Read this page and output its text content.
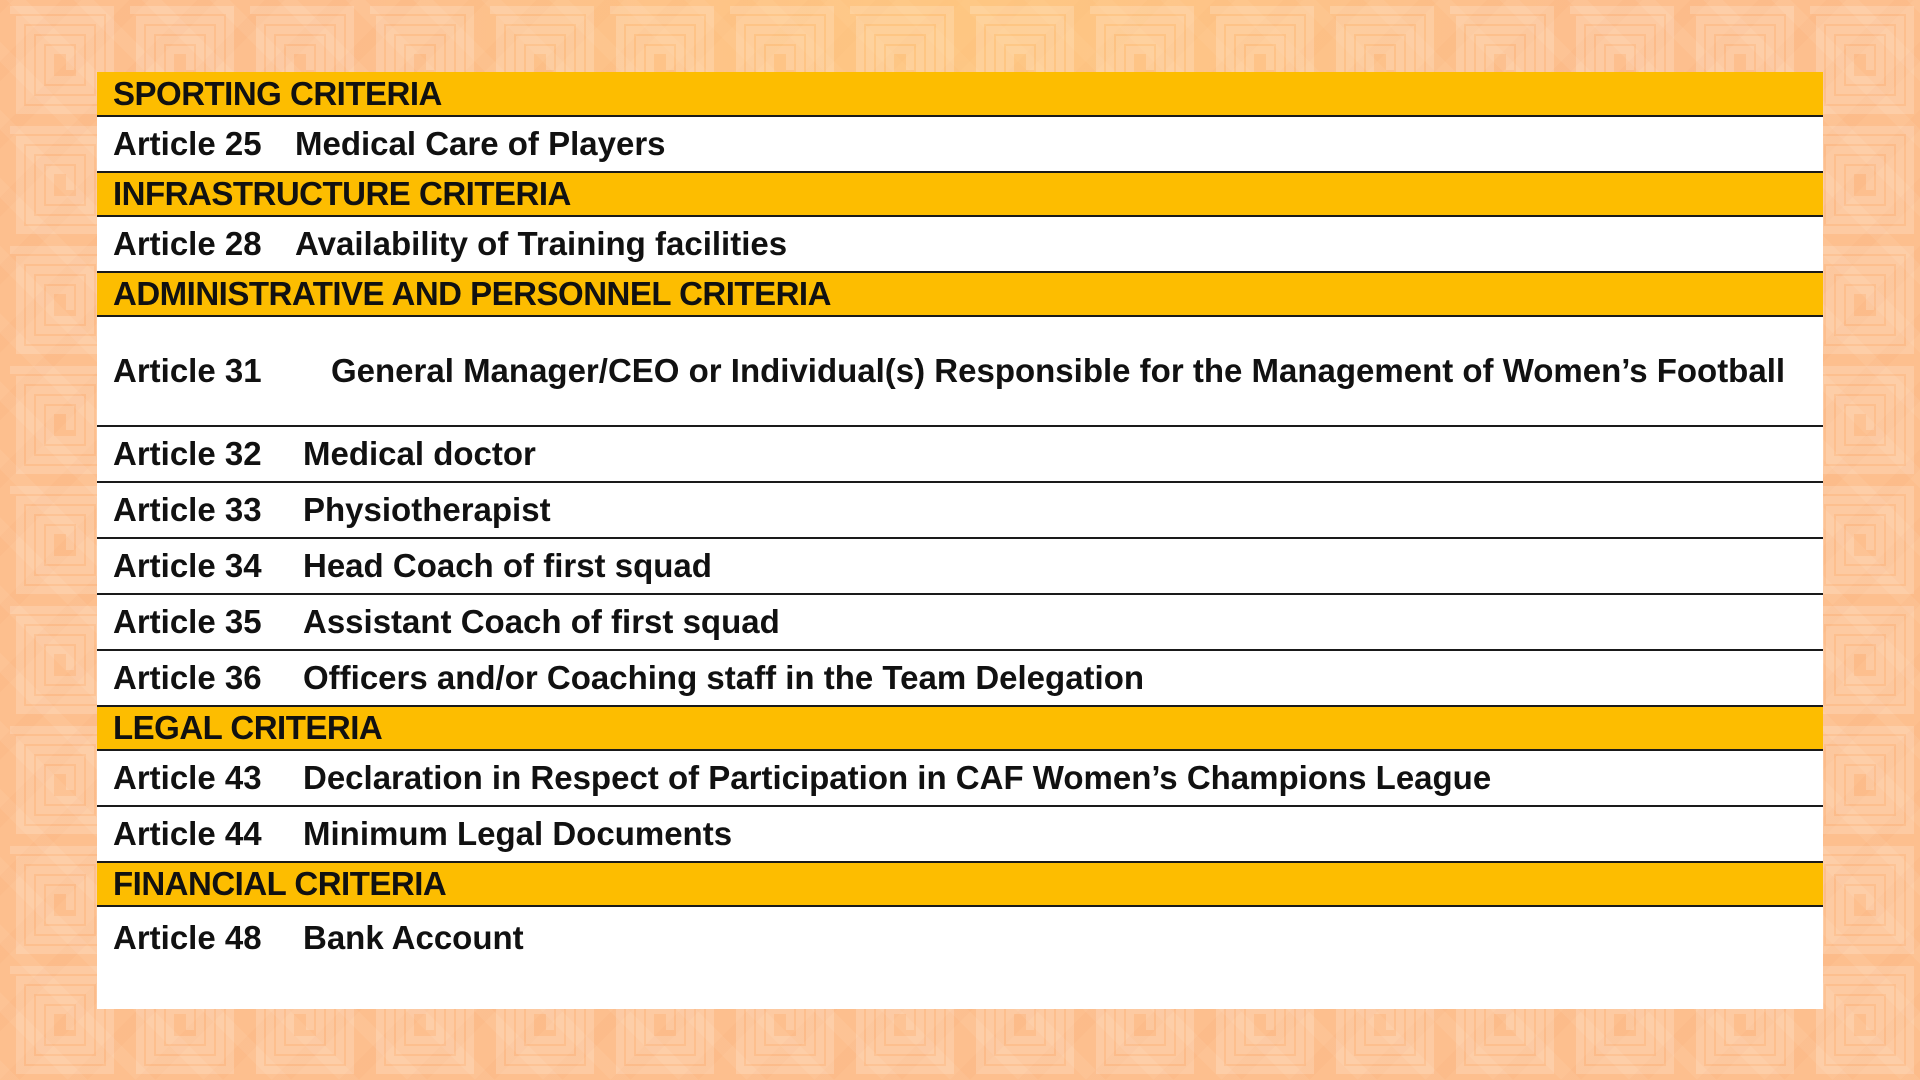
SPORTING CRITERIA
Article 25 Medical Care of Players
INFRASTRUCTURE CRITERIA
Article 28 Availability of Training facilities
ADMINISTRATIVE AND PERSONNEL CRITERIA
Article 31 General Manager/CEO or Individual(s) Responsible for the Management of Women’s Football
Article 32 Medical doctor
Article 33 Physiotherapist
Article 34 Head Coach of first squad
Article 35 Assistant Coach of first squad
Article 36 Officers and/or Coaching staff in the Team Delegation
LEGAL CRITERIA
Article 43 Declaration in Respect of Participation in CAF Women’s Champions League
Article 44 Minimum Legal Documents
FINANCIAL CRITERIA
Article 48 Bank Account
